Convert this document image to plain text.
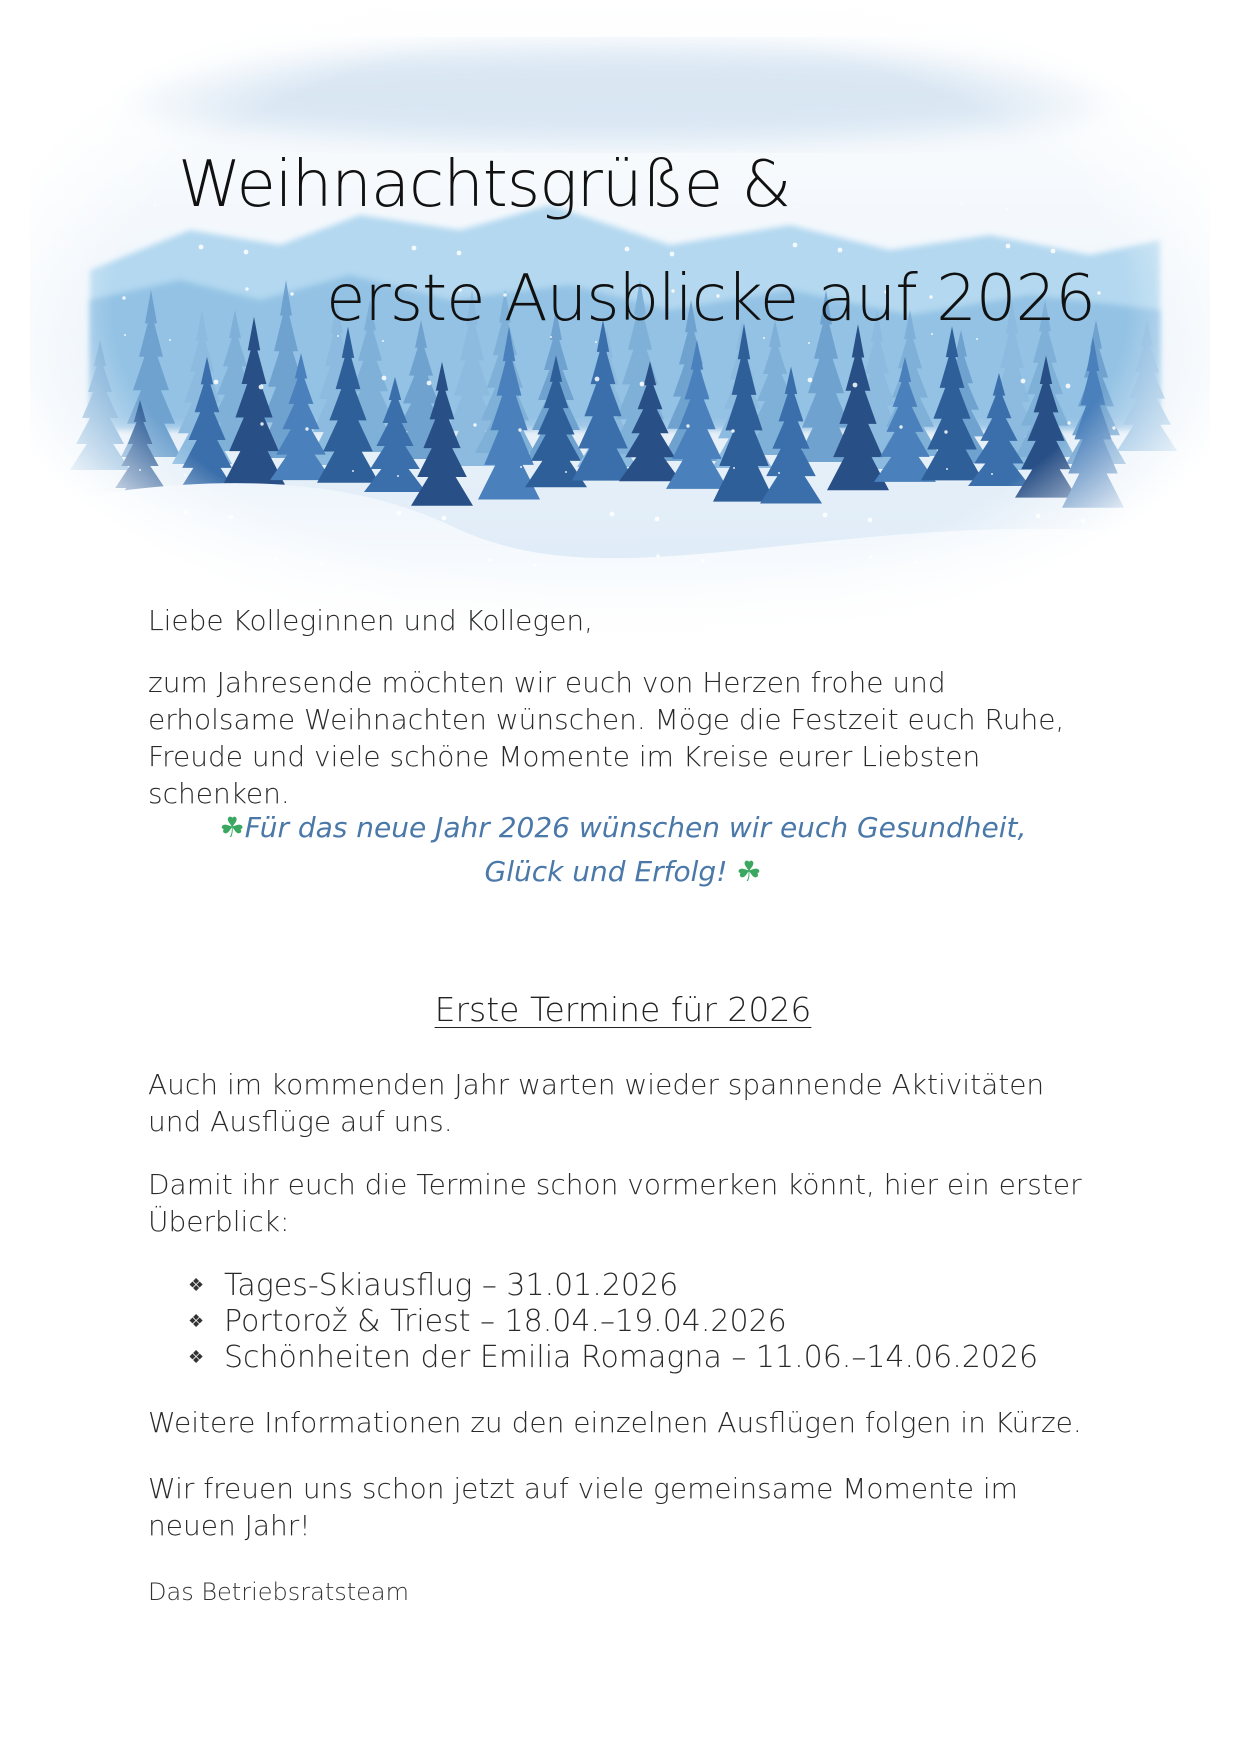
Weihnachtsgrüße &
erste Ausblicke auf 2026
Liebe Kolleginnen und Kollegen,
zum Jahresende möchten wir euch von Herzen frohe und erholsame Weihnachten wünschen. Möge die Festzeit euch Ruhe, Freude und viele schöne Momente im Kreise eurer Liebsten schenken.
☘Für das neue Jahr 2026 wünschen wir euch Gesundheit,
Glück und Erfolg! ☘
Erste Termine für 2026
Auch im kommenden Jahr warten wieder spannende Aktivitäten und Ausflüge auf uns.
Damit ihr euch die Termine schon vormerken könnt, hier ein erster Überblick:
❖ Tages-Skiausflug – 31.01.2026
❖ Portorož & Triest – 18.04.–19.04.2026
❖ Schönheiten der Emilia Romagna – 11.06.–14.06.2026
Weitere Informationen zu den einzelnen Ausflügen folgen in Kürze.
Wir freuen uns schon jetzt auf viele gemeinsame Momente im neuen Jahr!
Das Betriebsratsteam
